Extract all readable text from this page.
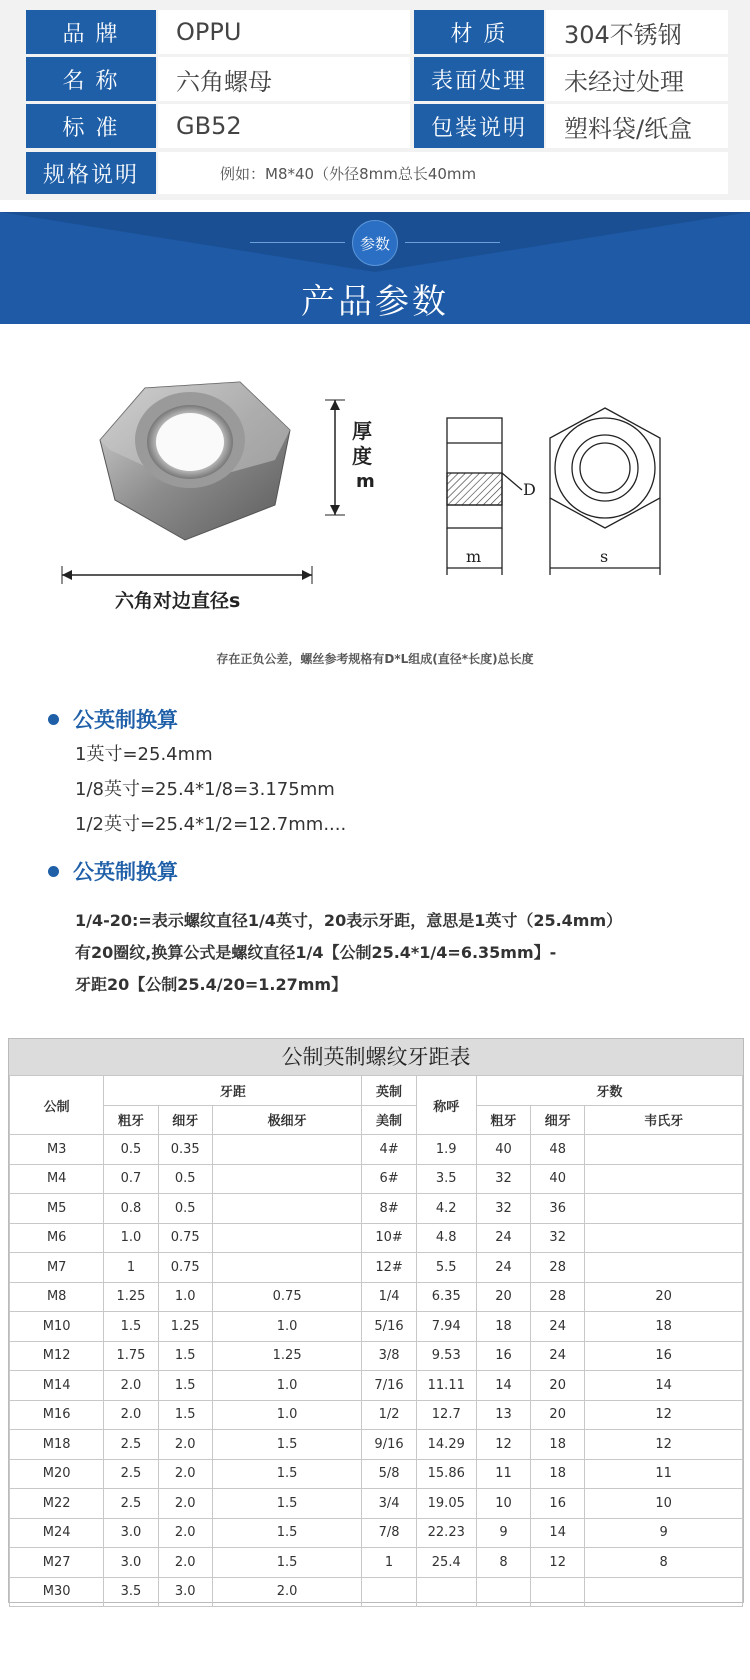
品 牌	OPPU	材 质	304不锈钢
名 称	六角螺母	表面处理	未经过处理
标 准	GB52	包装说明	塑料袋/纸盒
规格说明	例如：M8*40（外径8mm总长40mm
参数
产品参数
厚
度
m
六角对边直径s
D
m	s
存在正负公差，螺丝参考规格有D*L组成(直径*长度)总长度
公英制换算
1英寸=25.4mm
1/8英寸=25.4*1/8=3.175mm
1/2英寸=25.4*1/2=12.7mm....
公英制换算
1/4-20:=表示螺纹直径1/4英寸，20表示牙距，意思是1英寸（25.4mm）
有20圈纹,换算公式是螺纹直径1/4【公制25.4*1/4=6.35mm】-
牙距20【公制25.4/20=1.27mm】
公制英制螺纹牙距表
公制	牙距			英制	称呼	牙数		
	粗牙	细牙	极细牙	美制		粗牙	细牙	韦氏牙
M3	0.5	0.35		4#	1.9	40	48	
M4	0.7	0.5		6#	3.5	32	40	
M5	0.8	0.5		8#	4.2	32	36	
M6	1.0	0.75		10#	4.8	24	32	
M7	1	0.75		12#	5.5	24	28	
M8	1.25	1.0	0.75	1/4	6.35	20	28	20
M10	1.5	1.25	1.0	5/16	7.94	18	24	18
M12	1.75	1.5	1.25	3/8	9.53	16	24	16
M14	2.0	1.5	1.0	7/16	11.11	14	20	14
M16	2.0	1.5	1.0	1/2	12.7	13	20	12
M18	2.5	2.0	1.5	9/16	14.29	12	18	12
M20	2.5	2.0	1.5	5/8	15.86	11	18	11
M22	2.5	2.0	1.5	3/4	19.05	10	16	10
M24	3.0	2.0	1.5	7/8	22.23	9	14	9
M27	3.0	2.0	1.5	1	25.4	8	12	8
M30	3.5	3.0	2.0					
